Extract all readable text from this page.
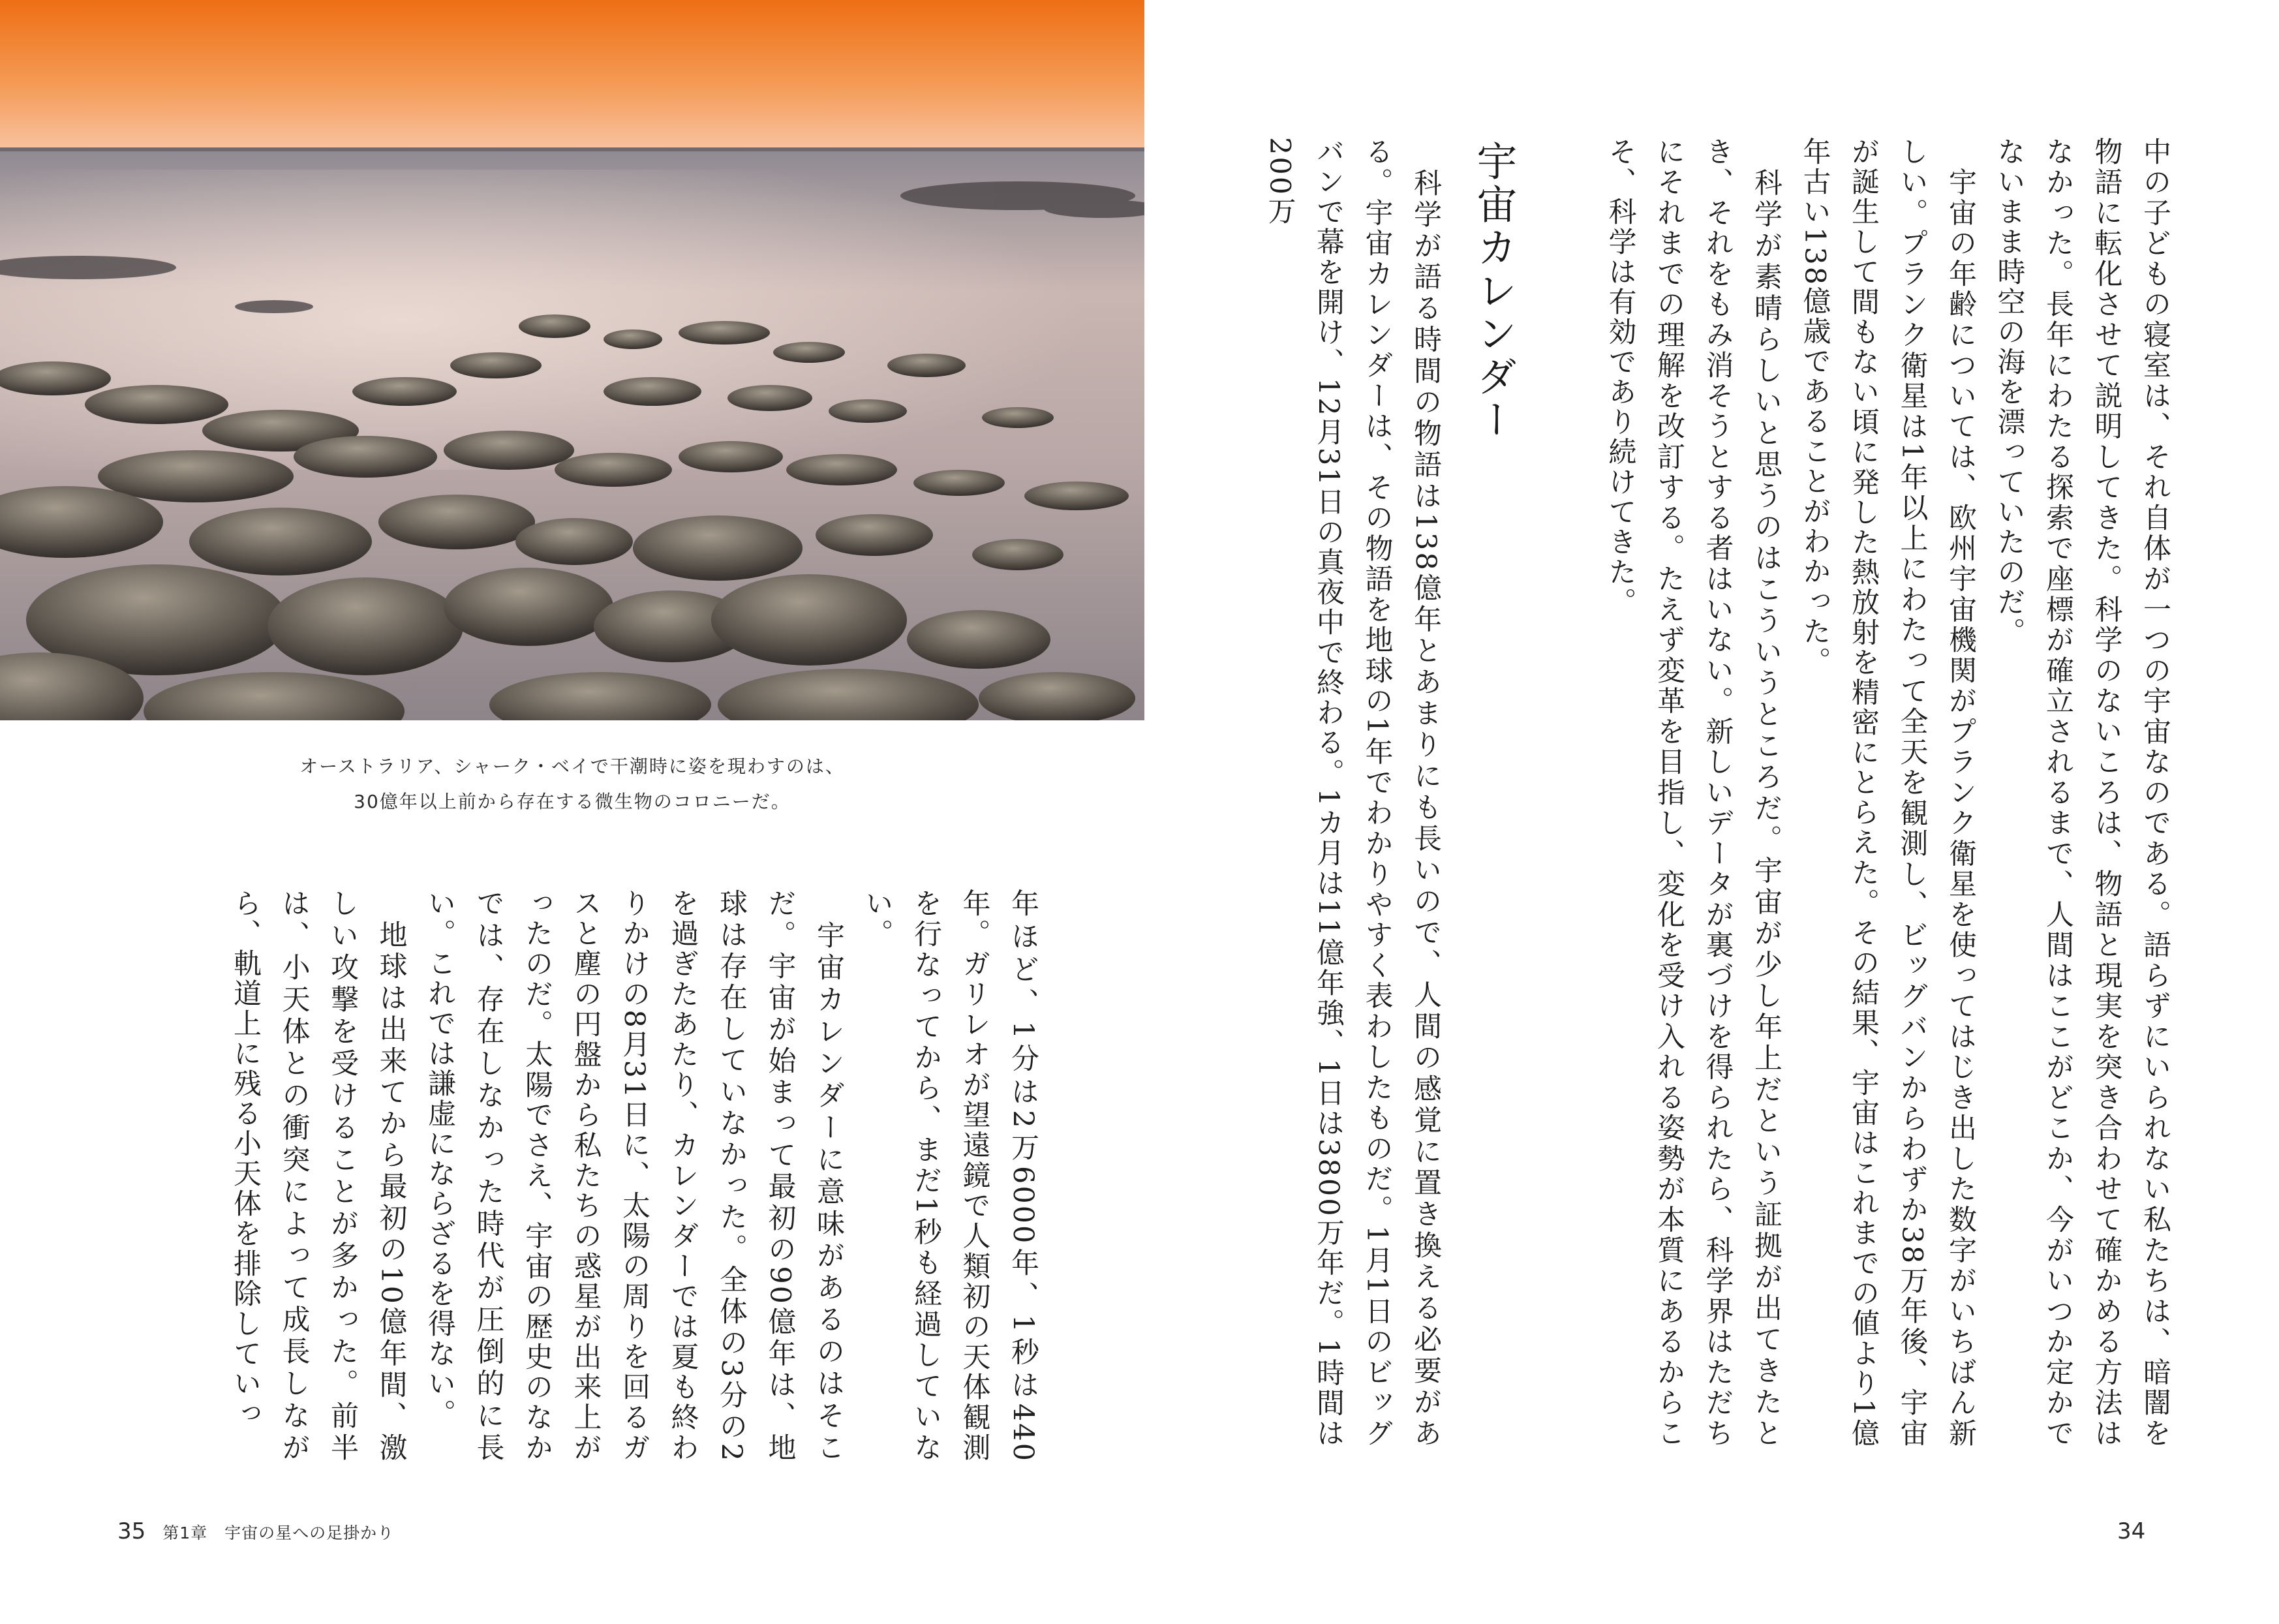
オーストラリア、シャーク・ベイで干潮時に姿を現わすのは、
30億年以上前から存在する微生物のコロニーだ。	中の子どもの寝室は、それ自体が一つの宇宙なのである。語らずにいられない私たちは、暗闇を物語に転化させて説明してきた。科学のないころは、物語と現実を突き合わせて確かめる方法はなかった。長年にわたる探索で座標が確立されるまで、人間はここがどこか、今がいつか定かでないまま時空の海を漂っていたのだ。
　宇宙の年齢については、欧州宇宙機関がプランク衛星を使ってはじき出した数字がいちばん新しい。プランク衛星は1年以上にわたって全天を観測し、ビッグバンからわずか38万年後、宇宙が誕生して間もない頃に発した熱放射を精密にとらえた。その結果、宇宙はこれまでの値より1億年古い138億歳であることがわかった。
　科学が素晴らしいと思うのはこういうところだ。宇宙が少し年上だという証拠が出てきたとき、それをもみ消そうとする者はいない。新しいデータが裏づけを得られたら、科学界はただちにそれまでの理解を改訂する。たえず変革を目指し、変化を受け入れる姿勢が本質にあるからこそ、科学は有効であり続けてきた。
宇宙カレンダー
　科学が語る時間の物語は138億年とあまりにも長いので、人間の感覚に置き換える必要がある。宇宙カレンダーは、その物語を地球の1年でわかりやすく表わしたものだ。1月1日のビッグバンで幕を開け、12月31日の真夜中で終わる。1カ月は11億年強、1日は3800万年だ。1時間は200万
年ほど、1分は2万6000年、1秒は440年。ガリレオが望遠鏡で人類初の天体観測を行なってから、まだ1秒も経過していない。
　宇宙カレンダーに意味があるのはそこだ。宇宙が始まって最初の90億年は、地球は存在していなかった。全体の3分の2を過ぎたあたり、カレンダーでは夏も終わりかけの8月31日に、太陽の周りを回るガスと塵の円盤から私たちの惑星が出来上がったのだ。太陽でさえ、宇宙の歴史のなかでは、存在しなかった時代が圧倒的に長い。これでは謙虚にならざるを得ない。
　地球は出来てから最初の10億年間、激しい攻撃を受けることが多かった。前半は、小天体との衝突によって成長しながら、軌道上に残る小天体を排除していっ
35 第1章　宇宙の星への足掛かり	34
